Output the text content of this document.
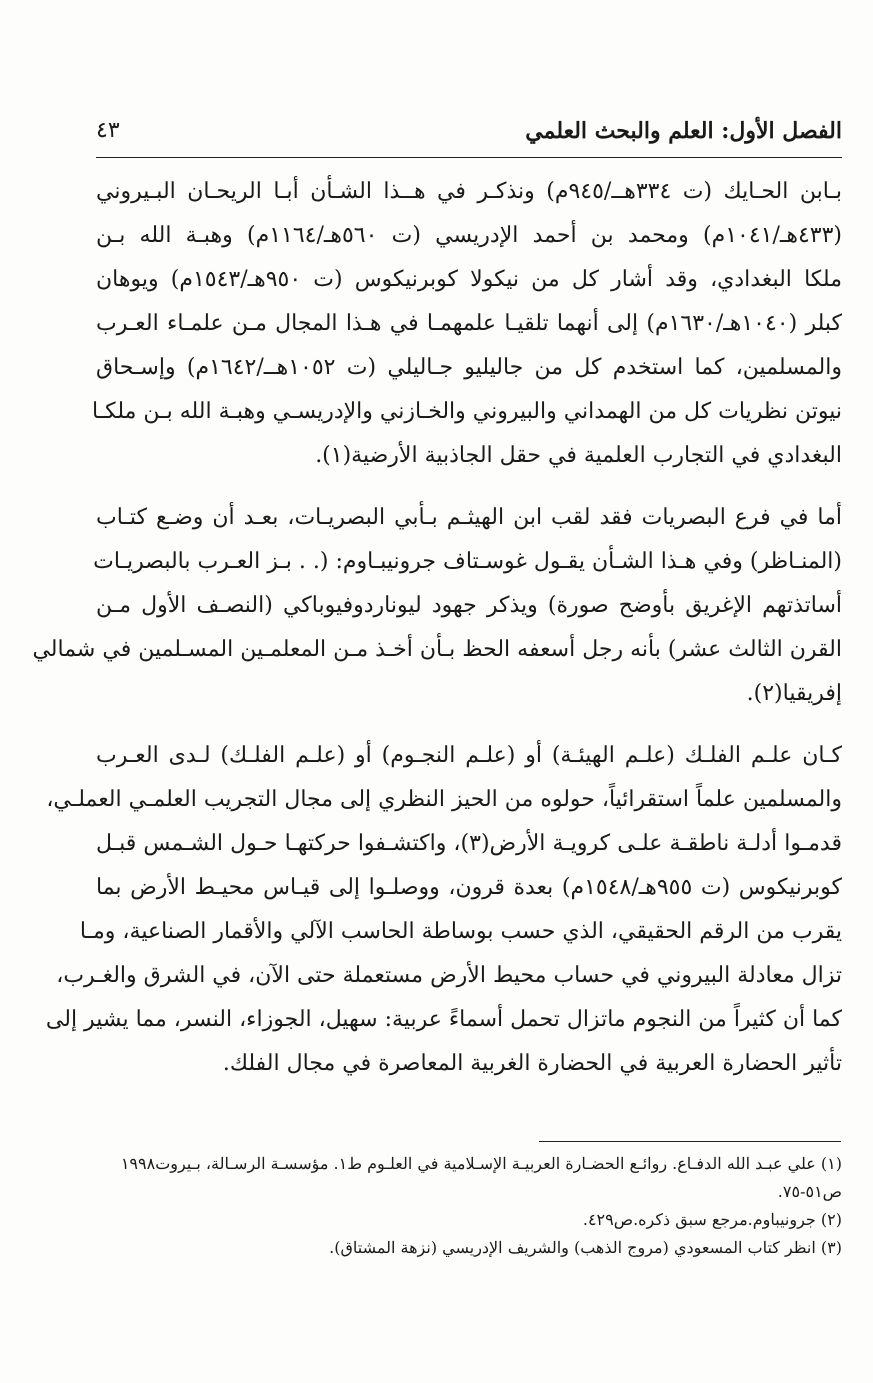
الفصل الأول: العلم والبحث العلمي
٤٣

بـابن الحـايك (ت ٣٣٤هــ/٩٤٥م) ونذكـر في هــذا الشـأن أبـا الريحـان البـيروني
(٤٣٣هـ/١٠٤١م) ومحمد بن أحمد الإدريسي (ت ٥٦٠هـ/١١٦٤م) وهبـة الله بـن
ملكا البغدادي، وقد أشار كل من نيكولا كوبرنيكوس (ت ٩٥٠هـ/١٥٤٣م) ويوهان
كبلر (١٠٤٠هـ/١٦٣٠م) إلى أنهما تلقيـا علمهمـا في هـذا المجال مـن علمـاء العـرب
والمسلمين، كما استخدم كل من جاليليو جـاليلي (ت ١٠٥٢هــ/١٦٤٢م) وإسـحاق
نيوتن نظريات كل من الهمداني والبيروني والخـازني والإدريسـي وهبـة الله بـن ملكـا
البغدادي في التجارب العلمية في حقل الجاذبية الأرضية(١).

أما في فرع البصريات فقد لقب ابن الهيثـم بـأبي البصريـات، بعـد أن وضـع كتـاب
(المنـاظر) وفي هـذا الشـأن يقـول غوسـتاف جرونيبـاوم: (. . بـز العـرب بالبصريـات
أساتذتهم الإغريق بأوضح صورة) ويذكر جهود ليوناردوفيوباكي (النصـف الأول مـن
القرن الثالث عشر) بأنه رجل أسعفه الحظ بـأن أخـذ مـن المعلمـين المسـلمين في شمالي
إفريقيا(٢).

كـان علـم الفلـك (علـم الهيئـة) أو (علـم النجـوم) أو (علـم الفلـك) لـدى العـرب
والمسلمين علماً استقرائياً، حولوه من الحيز النظري إلى مجال التجريب العلمـي العملـي،
قدمـوا أدلـة ناطقـة علـى كرويـة الأرض(٣)، واكتشـفوا حركتهـا حـول الشـمس قبـل
كوبرنيكوس (ت ٩٥٥هـ/١٥٤٨م) بعدة قرون، ووصلـوا إلى قيـاس محيـط الأرض بما
يقرب من الرقم الحقيقي، الذي حسب بوساطة الحاسب الآلي والأقمار الصناعية، ومـا
تزال معادلة البيروني في حساب محيط الأرض مستعملة حتى الآن، في الشرق والغـرب،
كما أن كثيراً من النجوم ماتزال تحمل أسماءً عربية: سهيل، الجوزاء، النسر، مما يشير إلى
تأثير الحضارة العربية في الحضارة الغربية المعاصرة في مجال الفلك.

(١) علي عبـد الله الدفـاع. روائـع الحضـارة العربيـة الإسـلامية في العلـوم ط١. مؤسسـة الرسـالة، بـيروت١٩٩٨
ص٥١-٧٥.

(٢) جرونيباوم.مرجع سبق ذكره.ص٤٢٩.

(٣) انظر كتاب المسعودي (مروج الذهب) والشريف الإدريسي (نزهة المشتاق).
